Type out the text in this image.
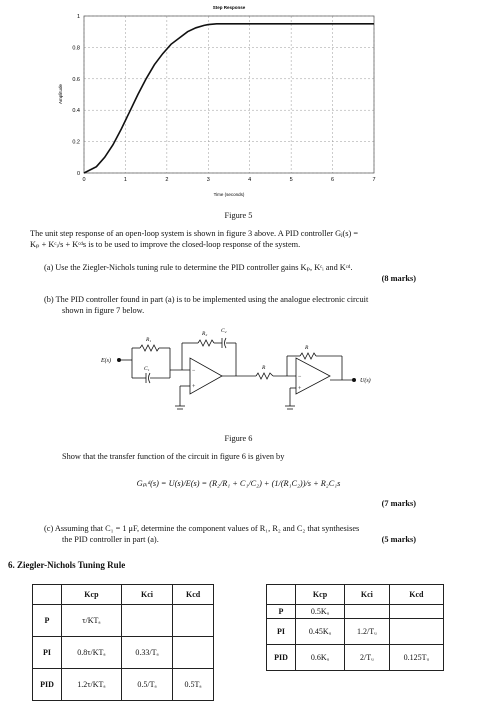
0	1	2	3	4	5	6	7
0
0.2
0.4
0.6
0.8
1
Step Response
Time (seconds)
Amplitude
Figure 5
The unit step response of an open-loop system is shown in figure 3 above. A PID controller Gⱼ(s) =
Kₚ + Kᶜᵢ/s + Kᶜᵈs is to be used to improve the closed-loop response of the system.
(a) Use the Ziegler-Nichols tuning rule to determine the PID controller gains Kₚ, Kᶜᵢ and Kᶜᵈ.
(8 marks)
(b) The PID controller found in part (a) is to be implemented using the analogue electronic circuit
shown in figure 7 below.
E(s)
U(s)
R₁
C₁
R₂ C₂
R
R
−
+
−
+
Figure 6
Show that the transfer function of the circuit in figure 6 is given by
Gₚᵢᵈ(s) = U(s)/E(s) = (R₂/R₁ + C₁/C₂) + (1/(R₁C₂))/s + R₂C₁s
(7 marks)
(c) Assuming that C₁ = 1 μF, determine the component values of R₁, R₂ and C₂ that synthesises
the PID controller in part (a).	(5 marks)
6. Ziegler-Nichols Tuning Rule
	Kcp	Kci	Kcd
P	τ/KTₐ		
PI	0.8τ/KTₐ	0.33/Tₐ	
PID	1.2τ/KTₐ	0.5/Tₐ	0.5Tₐ
	Kcp	Kci	Kcd
P	0.5Kᵤ		
PI	0.45Kᵤ	1.2/Tᵤ	
PID	0.6Kᵤ	2/Tᵤ	0.125Tᵤ
